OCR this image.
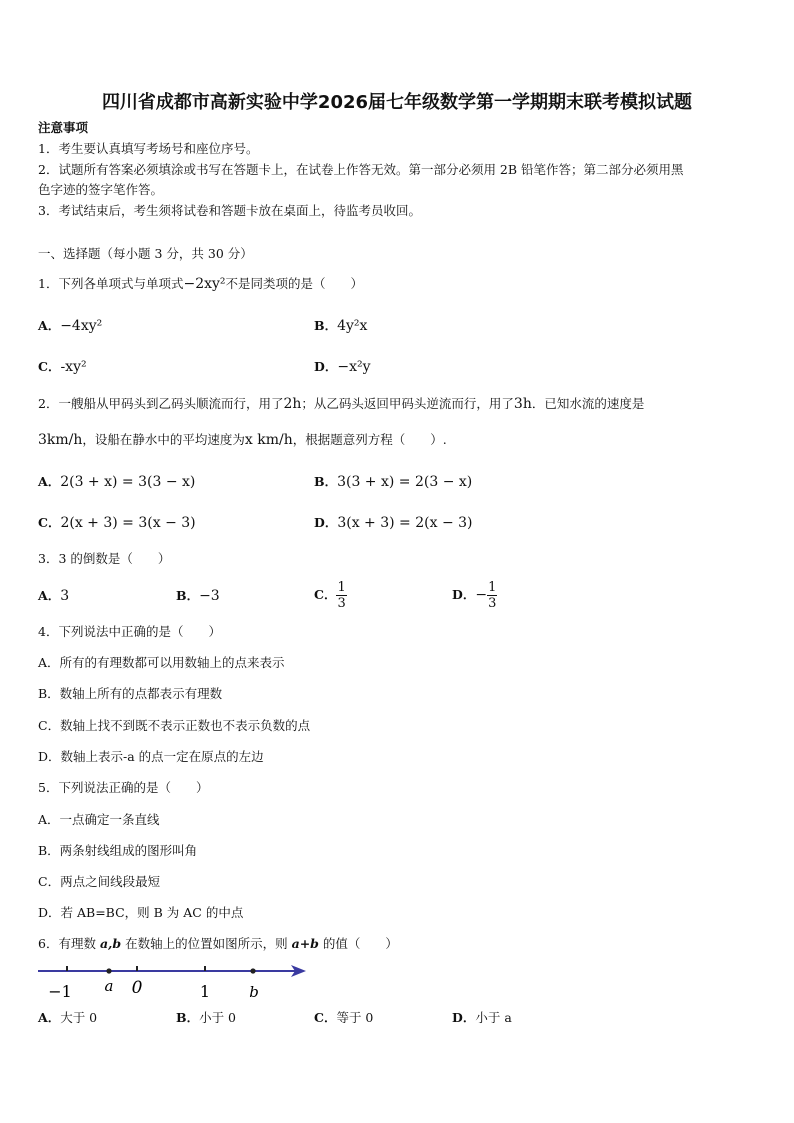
四川省成都市高新实验中学2026届七年级数学第一学期期末联考模拟试题
注意事项
1．考生要认真填写考场号和座位序号。
2．试题所有答案必须填涂或书写在答题卡上，在试卷上作答无效。第一部分必须用 2B 铅笔作答；第二部分必须用黑
色字迹的签字笔作答。
3．考试结束后，考生须将试卷和答题卡放在桌面上，待监考员收回。
一、选择题（每小题 3 分，共 30 分）
1．下列各单项式与单项式−2xy²不是同类项的是（　　）
A．−4xy²	B．4y²x
C．-xy²	D．−x²y
2．一艘船从甲码头到乙码头顺流而行，用了2h；从乙码头返回甲码头逆流而行，用了3h．已知水流的速度是
3km/h，设船在静水中的平均速度为x km/h，根据题意列方程（　　）.
A．2(3 + x) = 3(3 − x)	B．3(3 + x) = 2(3 − x)
C．2(x + 3) = 3(x − 3)	D．3(x + 3) = 2(x − 3)
3．3 的倒数是（　　）
A．3	B．−3	C． $\frac{1}{3}$	D．− $\frac{1}{3}$
4．下列说法中正确的是（　　）
A．所有的有理数都可以用数轴上的点来表示
B．数轴上所有的点都表示有理数
C．数轴上找不到既不表示正数也不表示负数的点
D．数轴上表示-a 的点一定在原点的左边
5．下列说法正确的是（　　）
A．一点确定一条直线
B．两条射线组成的图形叫角
C．两点之间线段最短
D．若 AB=BC，则 B 为 AC 的中点
6．有理数 a,b 在数轴上的位置如图所示，则 a+b 的值（　　）
−1 a 0	1	b
A．大于 0	B．小于 0	C．等于 0	D．小于 a
